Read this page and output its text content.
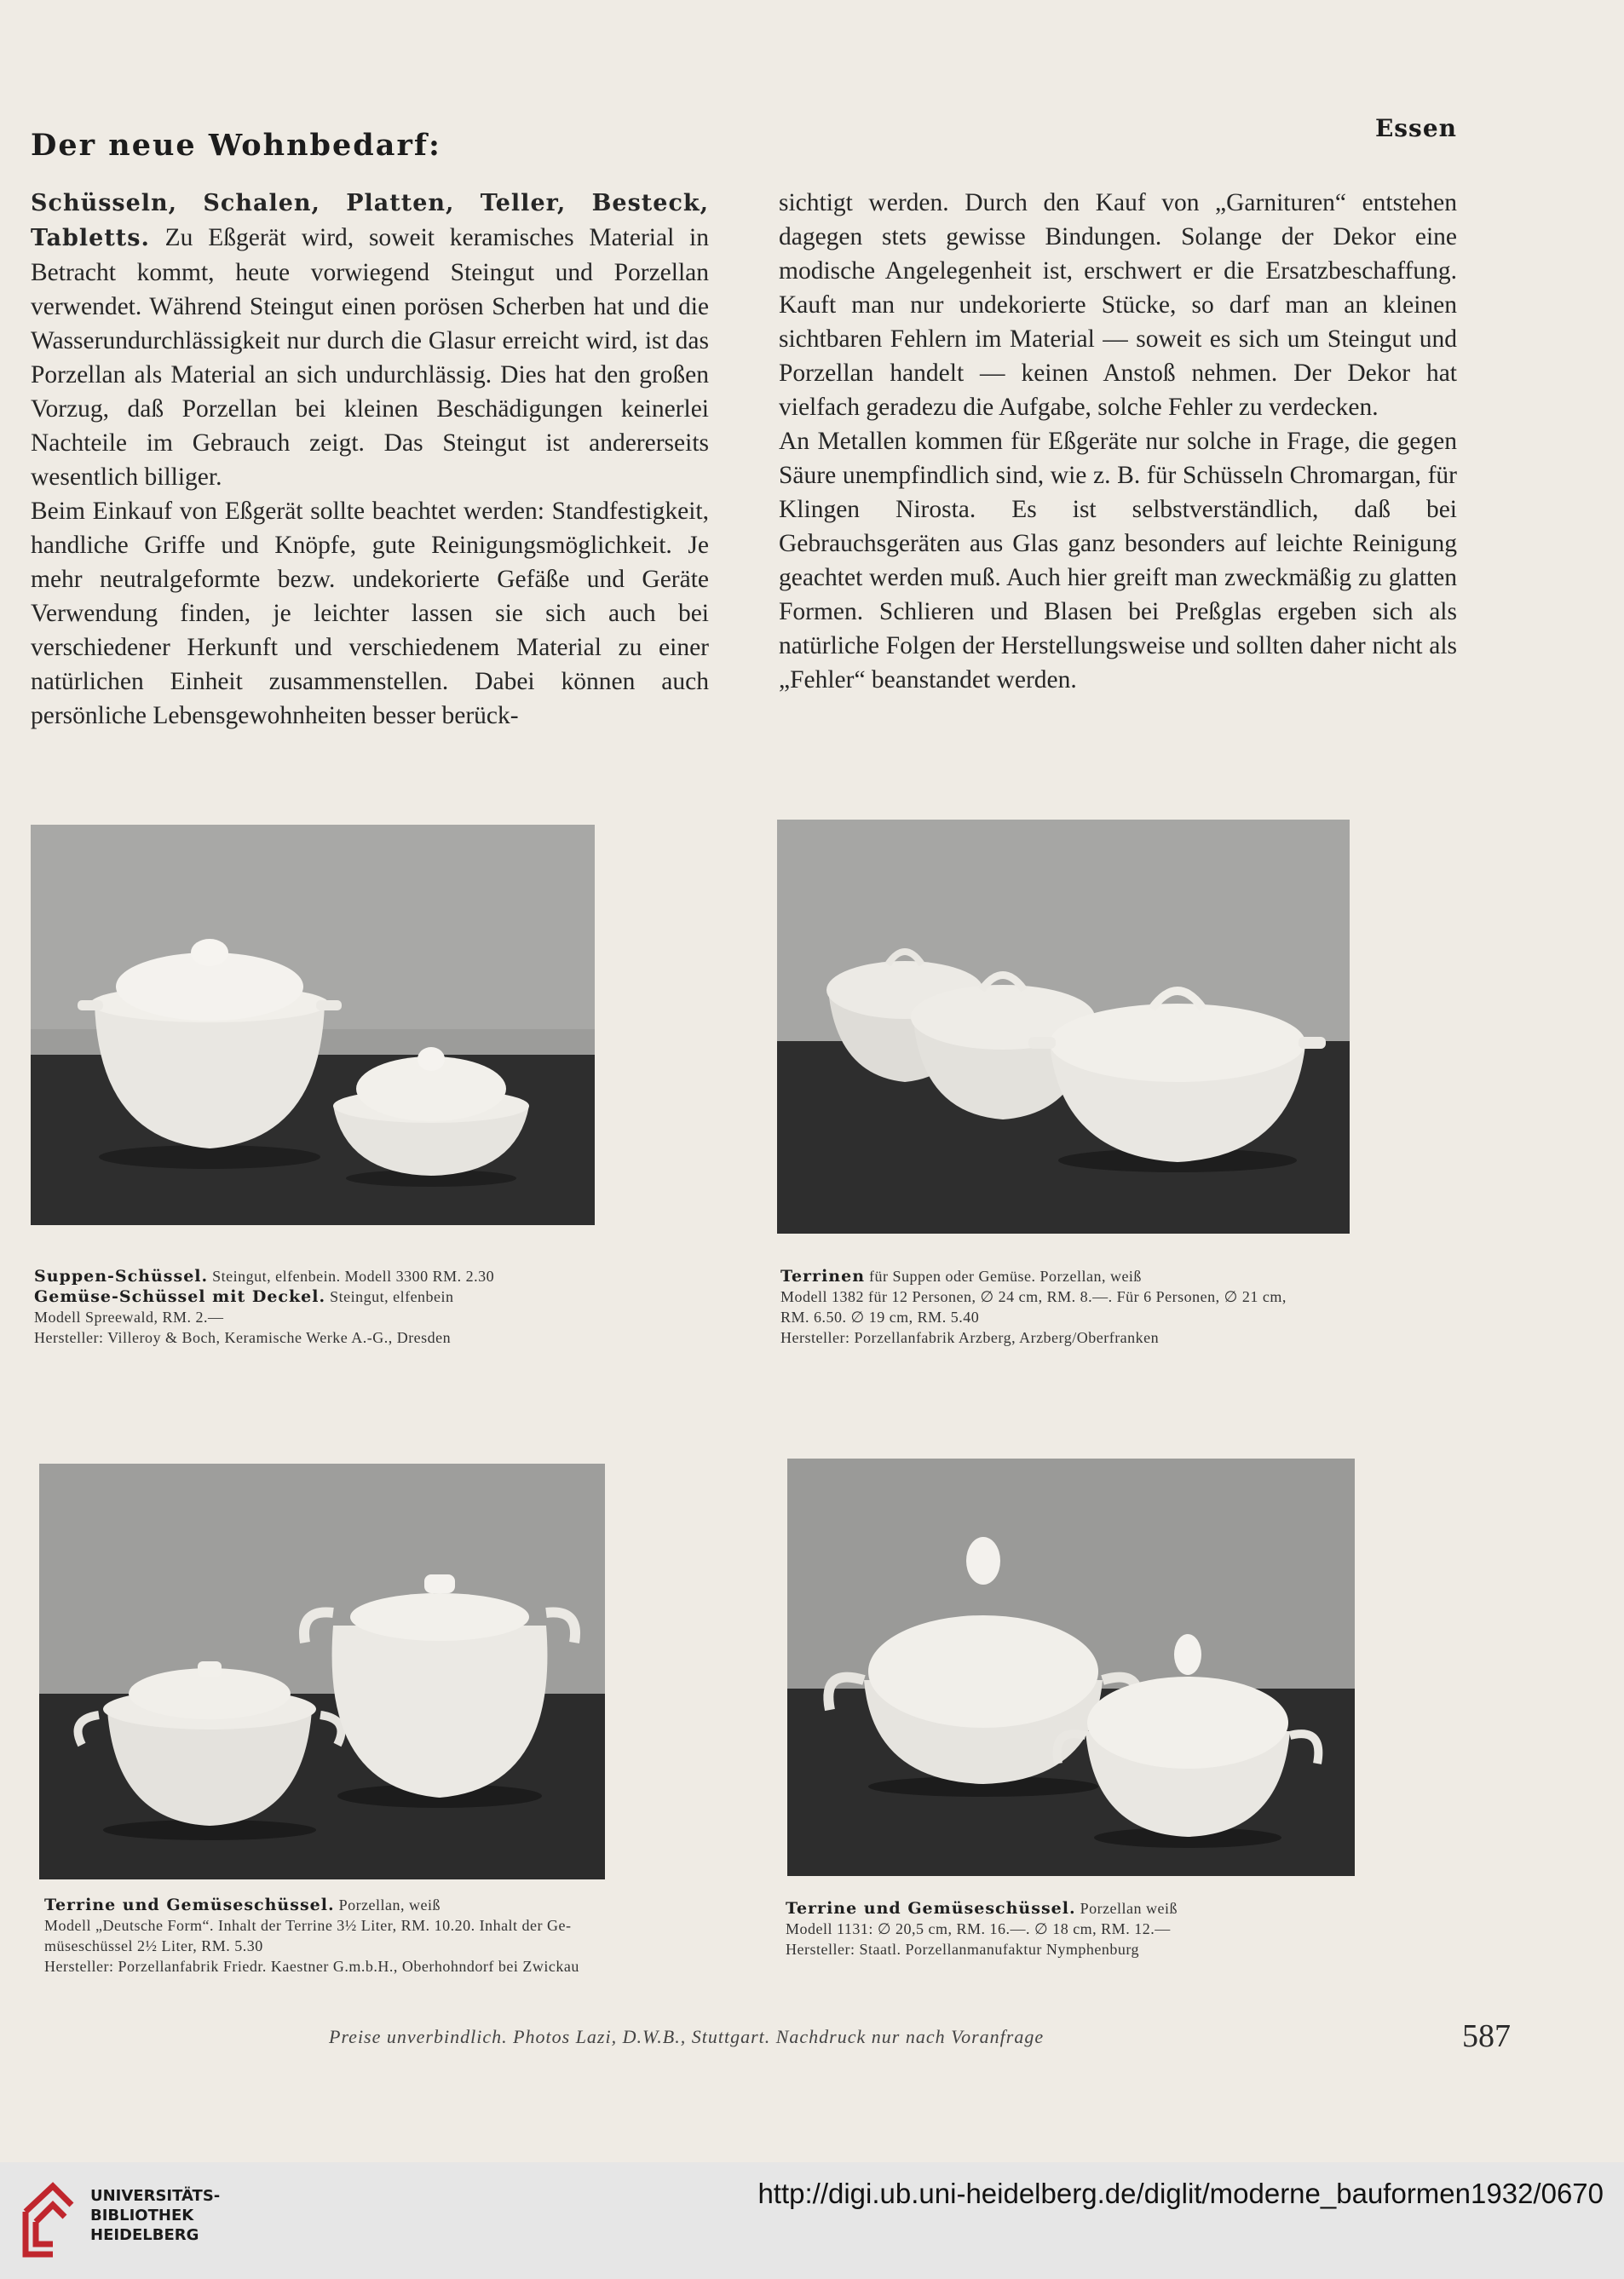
Der neue Wohnbedarf:	Essen

Schüsseln, Schalen, Platten, Teller, Besteck, Tabletts. Zu Eßgerät wird, soweit keramisches Material in Betracht kommt, heute vorwiegend Steingut und Porzellan verwendet. Während Steingut einen porösen Scherben hat und die Wasserundurchlässigkeit nur durch die Glasur erreicht wird, ist das Porzellan als Material an sich undurchlässig. Dies hat den großen Vorzug, daß Porzellan bei kleinen Beschädigungen keinerlei Nachteile im Gebrauch zeigt. Das Steingut ist andererseits wesentlich billiger.

Beim Einkauf von Eßgerät sollte beachtet werden: Standfestigkeit, handliche Griffe und Knöpfe, gute Reinigungsmöglichkeit. Je mehr neutralgeformte bezw. undekorierte Gefäße und Geräte Verwendung finden, je leichter lassen sie sich auch bei verschiedener Herkunft und verschiedenem Material zu einer natürlichen Einheit zusammenstellen. Dabei können auch persönliche Lebensgewohnheiten besser berück-

sichtigt werden. Durch den Kauf von „Garnituren“ entstehen dagegen stets gewisse Bindungen. Solange der Dekor eine modische Angelegenheit ist, erschwert er die Ersatzbeschaffung. Kauft man nur undekorierte Stücke, so darf man an kleinen sichtbaren Fehlern im Material — soweit es sich um Steingut und Porzellan handelt — keinen Anstoß nehmen. Der Dekor hat vielfach geradezu die Aufgabe, solche Fehler zu verdecken.

An Metallen kommen für Eßgeräte nur solche in Frage, die gegen Säure unempfindlich sind, wie z. B. für Schüsseln Chromargan, für Klingen Nirosta. Es ist selbstverständlich, daß bei Gebrauchsgeräten aus Glas ganz besonders auf leichte Reinigung geachtet werden muß. Auch hier greift man zweckmäßig zu glatten Formen. Schlieren und Blasen bei Preßglas ergeben sich als natürliche Folgen der Herstellungsweise und sollten daher nicht als „Fehler“ beanstandet werden.

Suppen-Schüssel. Steingut, elfenbein. Modell 3300 RM. 2.30
Gemüse-Schüssel mit Deckel. Steingut, elfenbein
Modell Spreewald, RM. 2.—
Hersteller: Villeroy & Boch, Keramische Werke A.-G., Dresden
Terrinen für Suppen oder Gemüse. Porzellan, weiß
Modell 1382 für 12 Personen, ∅ 24 cm, RM. 8.—. Für 6 Personen, ∅ 21 cm,
RM. 6.50. ∅ 19 cm, RM. 5.40
Hersteller: Porzellanfabrik Arzberg, Arzberg/Oberfranken
Terrine und Gemüseschüssel. Porzellan, weiß
Modell „Deutsche Form“. Inhalt der Terrine 3½ Liter, RM. 10.20. Inhalt der Ge-
müseschüssel 2½ Liter, RM. 5.30
Hersteller: Porzellanfabrik Friedr. Kaestner G.m.b.H., Oberhohndorf bei Zwickau
Terrine und Gemüseschüssel. Porzellan weiß
Modell 1131: ∅ 20,5 cm, RM. 16.—. ∅ 18 cm, RM. 12.—
Hersteller: Staatl. Porzellanmanufaktur Nymphenburg
Preise unverbindlich. Photos Lazi, D.W.B., Stuttgart. Nachdruck nur nach Voranfrage	587
UNIVERSITÄTS-
BIBLIOTHEK
HEIDELBERG
http://digi.ub.uni-heidelberg.de/diglit/moderne_bauformen1932/0670
